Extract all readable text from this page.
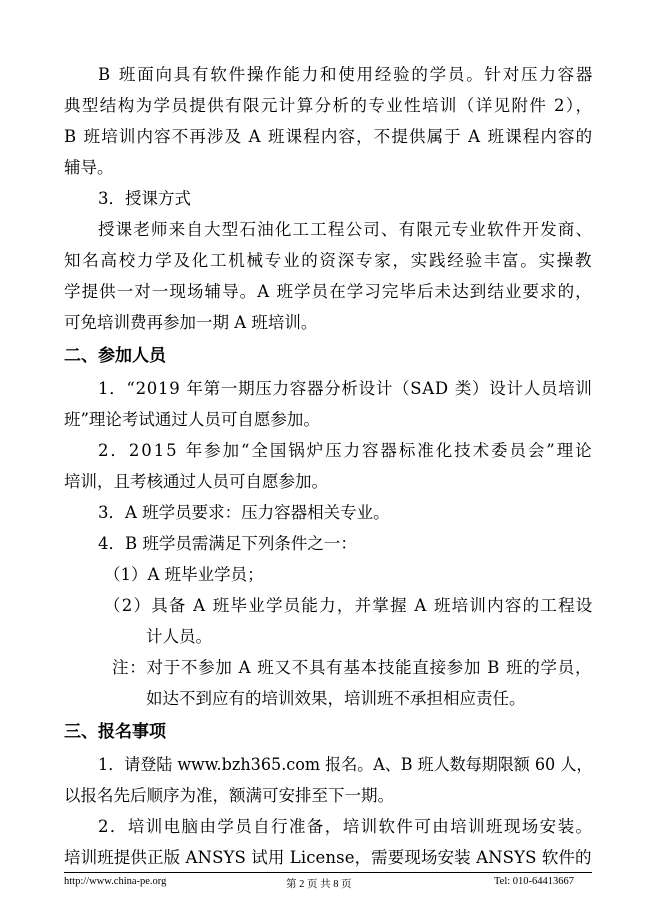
B 班面向具有软件操作能力和使用经验的学员。针对压力容器
典型结构为学员提供有限元计算分析的专业性培训（详见附件 2），
B 班培训内容不再涉及 A 班课程内容，不提供属于 A 班课程内容的
辅导。
3．授课方式
授课老师来自大型石油化工工程公司、有限元专业软件开发商、
知名高校力学及化工机械专业的资深专家，实践经验丰富。实操教
学提供一对一现场辅导。A 班学员在学习完毕后未达到结业要求的，
可免培训费再参加一期 A 班培训。
二、参加人员
1．“2019 年第一期压力容器分析设计（SAD 类）设计人员培训
班”理论考试通过人员可自愿参加。
2．2015 年参加“全国锅炉压力容器标准化技术委员会”理论
培训，且考核通过人员可自愿参加。
3．A 班学员要求：压力容器相关专业。
4．B 班学员需满足下列条件之一：
（1）A 班毕业学员；
（2）具备 A 班毕业学员能力，并掌握 A 班培训内容的工程设
计人员。
注：对于不参加 A 班又不具有基本技能直接参加 B 班的学员，
如达不到应有的培训效果，培训班不承担相应责任。
三、报名事项
1．请登陆 www.bzh365.com 报名。A、B 班人数每期限额 60 人，
以报名先后顺序为准，额满可安排至下一期。
2．培训电脑由学员自行准备，培训软件可由培训班现场安装。
培训班提供正版 ANSYS 试用 License，需要现场安装 ANSYS 软件的
http://www.china-pe.org	第 2 页 共 8 页	Tel: 010-64413667
